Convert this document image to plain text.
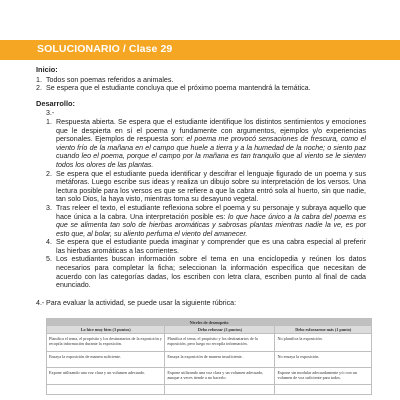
SOLUCIONARIO / Clase 29
Inicio:
1. Todos son poemas referidos a animales.
2. Se espera que el estudiante concluya que el próximo poema mantendrá la temática.
Desarrollo:
3.-
1. Respuesta abierta. Se espera que el estudiante identifique los distintos sentimientos y emociones que le despierta en sí el poema y fundamente con argumentos, ejemplos y/o experiencias personales. Ejemplos de respuesta son: el poema me provocó sensaciones de frescura, como el viento frío de la mañana en el campo que huele a tierra y a la humedad de la noche; o siento paz cuando leo el poema, porque el campo por la mañana es tan tranquilo que al viento se le sienten todos los olores de las plantas.
2. Se espera que el estudiante pueda identificar y descifrar el lenguaje figurado de un poema y sus metáforas. Luego escribe sus ideas y realiza un dibujo sobre su interpretación de los versos. Una lectura posible para los versos es que se refiere a que la cabra entró sola al huerto, sin que nadie, tan solo Dios, la haya visto, mientras toma su desayuno vegetal.
3. Tras releer el texto, el estudiante reflexiona sobre el poema y su personaje y subraya aquello que hace única a la cabra. Una interpretación posible es: lo que hace único a la cabra del poema es que se alimenta tan solo de hierbas aromáticas y sabrosas plantas mientras nadie la ve, es por esto que, al bolar, su aliento perfuma el viento del amanecer.
4. Se espera que el estudiante pueda imaginar y comprender que es una cabra especial al preferir las hierbas aromáticas a las corrientes.
5. Los estudiantes buscan información sobre el tema en una enciclopedia y reúnen los datos necesarios para completar la ficha; seleccionan la información específica que necesitan de acuerdo con las categorías dadas, los escriben con letra clara, escriben punto al final de cada enunciado.
4.- Para evaluar la actividad, se puede usar la siguiente rúbrica:
Niveles de desempeño		
Lo hice muy bien (3 puntos)	Debo reforzar (2 puntos)	Debo esforzarme más (1 punto)
Planifica el tema, el propósito y los destinatarios de la exposición y recopila información durante la exposición.	Planifica el tema, el propósito y los destinatarios de la exposición, pero luego no recopila información.	No planifica la exposición.
Ensaya la exposición de manera suficiente.	Ensaya la exposición de manera insuficiente.	No ensaya la exposición.
Expone utilizando una voz clara y un volumen adecuado.	Expone utilizando una voz clara y un volumen adecuado, aunque a veces tiende a no hacerlo.	Expone sin modular adecuadamente y/o con un volumen de voz suficiente para todos.
